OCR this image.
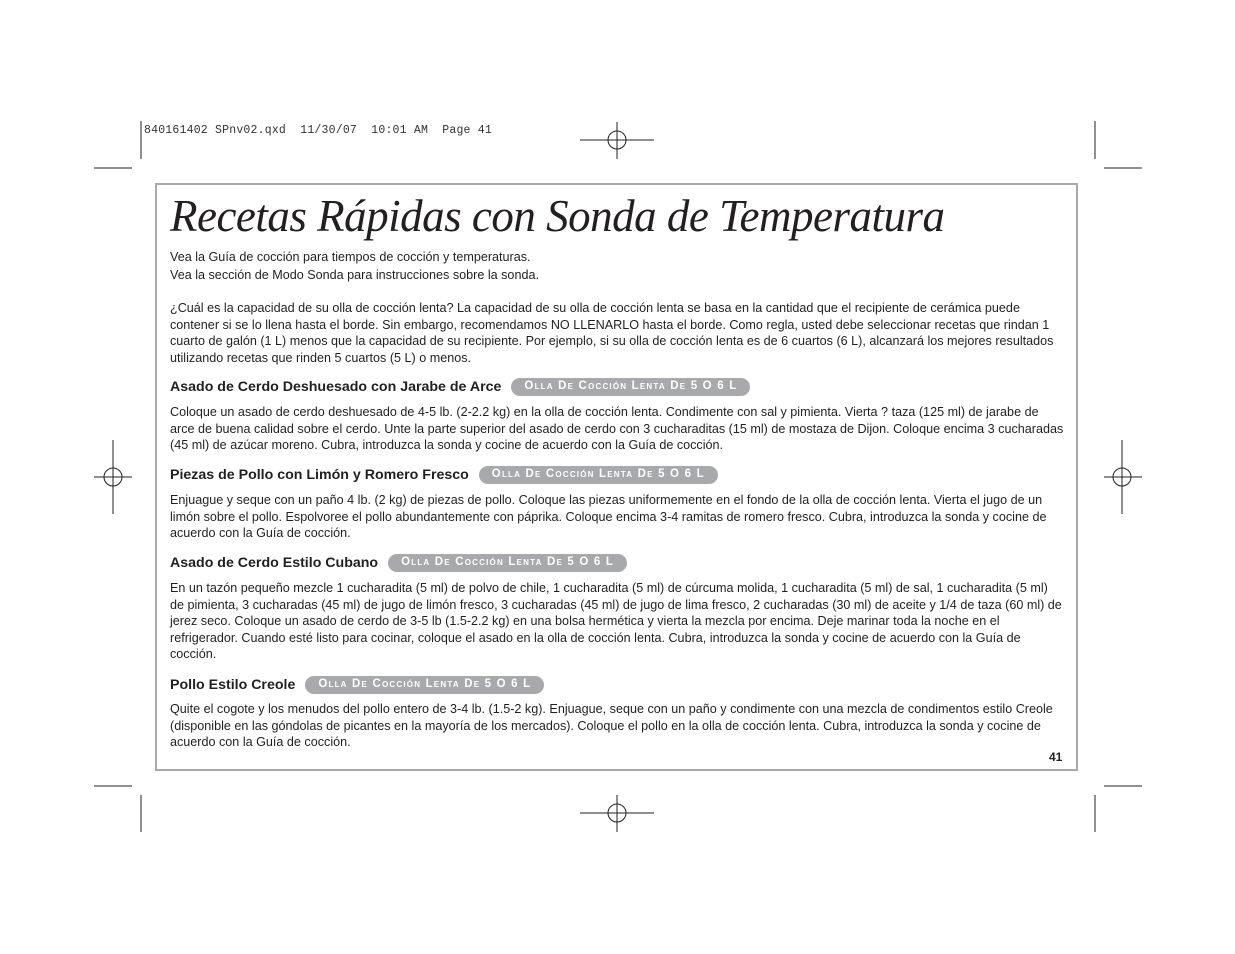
840161402 SPnv02.qxd  11/30/07  10:01 AM  Page 41
Recetas Rápidas con Sonda de Temperatura

Vea la Guía de cocción para tiempos de cocción y temperaturas.

Vea la sección de Modo Sonda para instrucciones sobre la sonda.

¿Cuál es la capacidad de su olla de cocción lenta? La capacidad de su olla de cocción lenta se basa en la cantidad que el recipiente de cerámica puede contener si se lo llena hasta el borde. Sin embargo, recomendamos NO LLENARLO hasta el borde. Como regla, usted debe seleccionar recetas que rindan 1 cuarto de galón (1 L) menos que la capacidad de su recipiente. Por ejemplo, si su olla de cocción lenta es de 6 cuartos (6 L), alcanzará los mejores resultados utilizando recetas que rinden 5 cuartos (5 L) o menos.

Asado de Cerdo Deshuesado con Jarabe de Arce	Olla De Cocción Lenta De 5 O 6 L

Coloque un asado de cerdo deshuesado de 4-5 lb. (2-2.2 kg) en la olla de cocción lenta. Condimente con sal y pimienta. Vierta ? taza (125 ml) de jarabe de arce de buena calidad sobre el cerdo. Unte la parte superior del asado de cerdo con 3 cucharaditas (15 ml) de mostaza de Dijon. Coloque encima 3 cucharadas (45 ml) de azúcar moreno. Cubra, introduzca la sonda y cocine de acuerdo con la Guía de cocción.

Piezas de Pollo con Limón y Romero Fresco	Olla De Cocción Lenta De 5 O 6 L

Enjuague y seque con un paño 4 lb. (2 kg) de piezas de pollo. Coloque las piezas uniformemente en el fondo de la olla de cocción lenta. Vierta el jugo de un limón sobre el pollo. Espolvoree el pollo abundantemente con páprika. Coloque encima 3-4 ramitas de romero fresco. Cubra, introduzca la sonda y cocine de acuerdo con la Guía de cocción.

Asado de Cerdo Estilo Cubano	Olla De Cocción Lenta De 5 O 6 L

En un tazón pequeño mezcle 1 cucharadita (5 ml) de polvo de chile, 1 cucharadita (5 ml) de cúrcuma molida, 1 cucharadita (5 ml) de sal, 1 cucharadita (5 ml) de pimienta, 3 cucharadas (45 ml) de jugo de limón fresco, 3 cucharadas (45 ml) de jugo de lima fresco, 2 cucharadas (30 ml) de aceite y 1/4 de taza (60 ml) de jerez seco. Coloque un asado de cerdo de 3-5 lb (1.5-2.2 kg) en una bolsa hermética y vierta la mezcla por encima. Deje marinar toda la noche en el refrigerador. Cuando esté listo para cocinar, coloque el asado en la olla de cocción lenta. Cubra, introduzca la sonda y cocine de acuerdo con la Guía de cocción.

Pollo Estilo Creole	Olla De Cocción Lenta De 5 O 6 L

Quite el cogote y los menudos del pollo entero de 3-4 lb. (1.5-2 kg). Enjuague, seque con un paño y condimente con una mezcla de condimentos estilo Creole (disponible en las góndolas de picantes en la mayoría de los mercados). Coloque el pollo en la olla de cocción lenta. Cubra, introduzca la sonda y cocine de acuerdo con la Guía de cocción.

41
